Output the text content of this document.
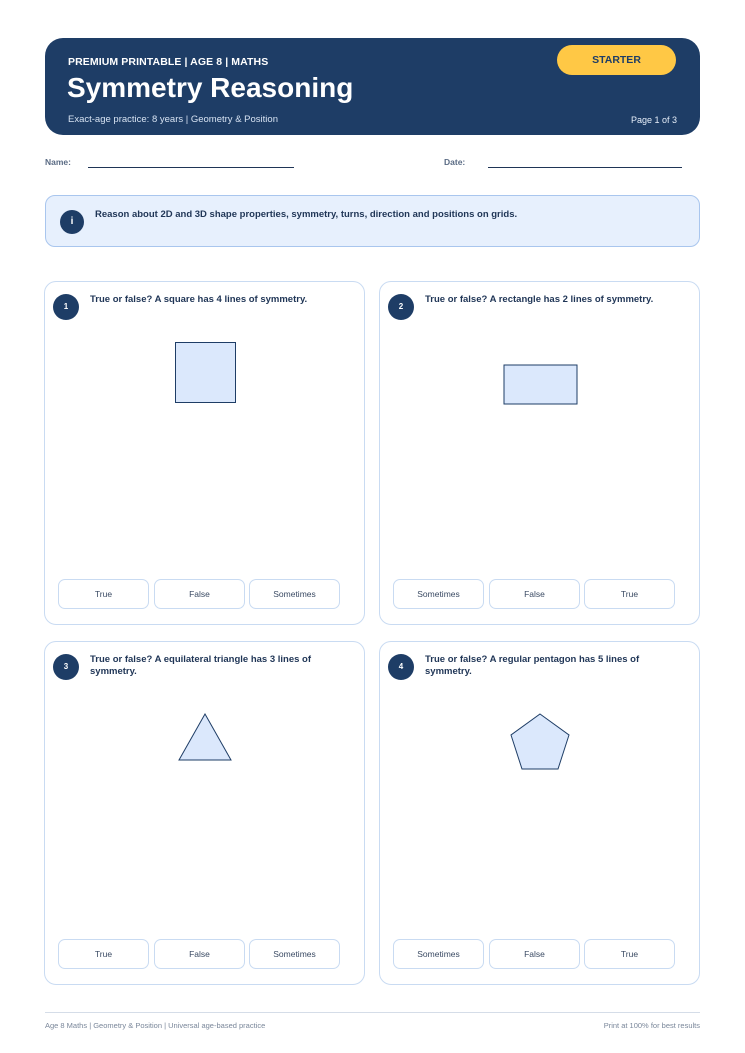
PREMIUM PRINTABLE | AGE 8 | MATHS
Symmetry Reasoning
Exact-age practice: 8 years | Geometry & Position	Page 1 of 3
STARTER
Name:	Date:
i
Reason about 2D and 3D shape properties, symmetry, turns, direction and positions on grids.
1
True or false? A square has 4 lines of symmetry.
True	False	Sometimes
2
True or false? A rectangle has 2 lines of symmetry.
Sometimes	False	True
3
True or false? A equilateral triangle has 3 lines of symmetry.
True	False	Sometimes
4
True or false? A regular pentagon has 5 lines of symmetry.
Sometimes	False	True
Age 8 Maths | Geometry & Position | Universal age-based practice	Print at 100% for best results
